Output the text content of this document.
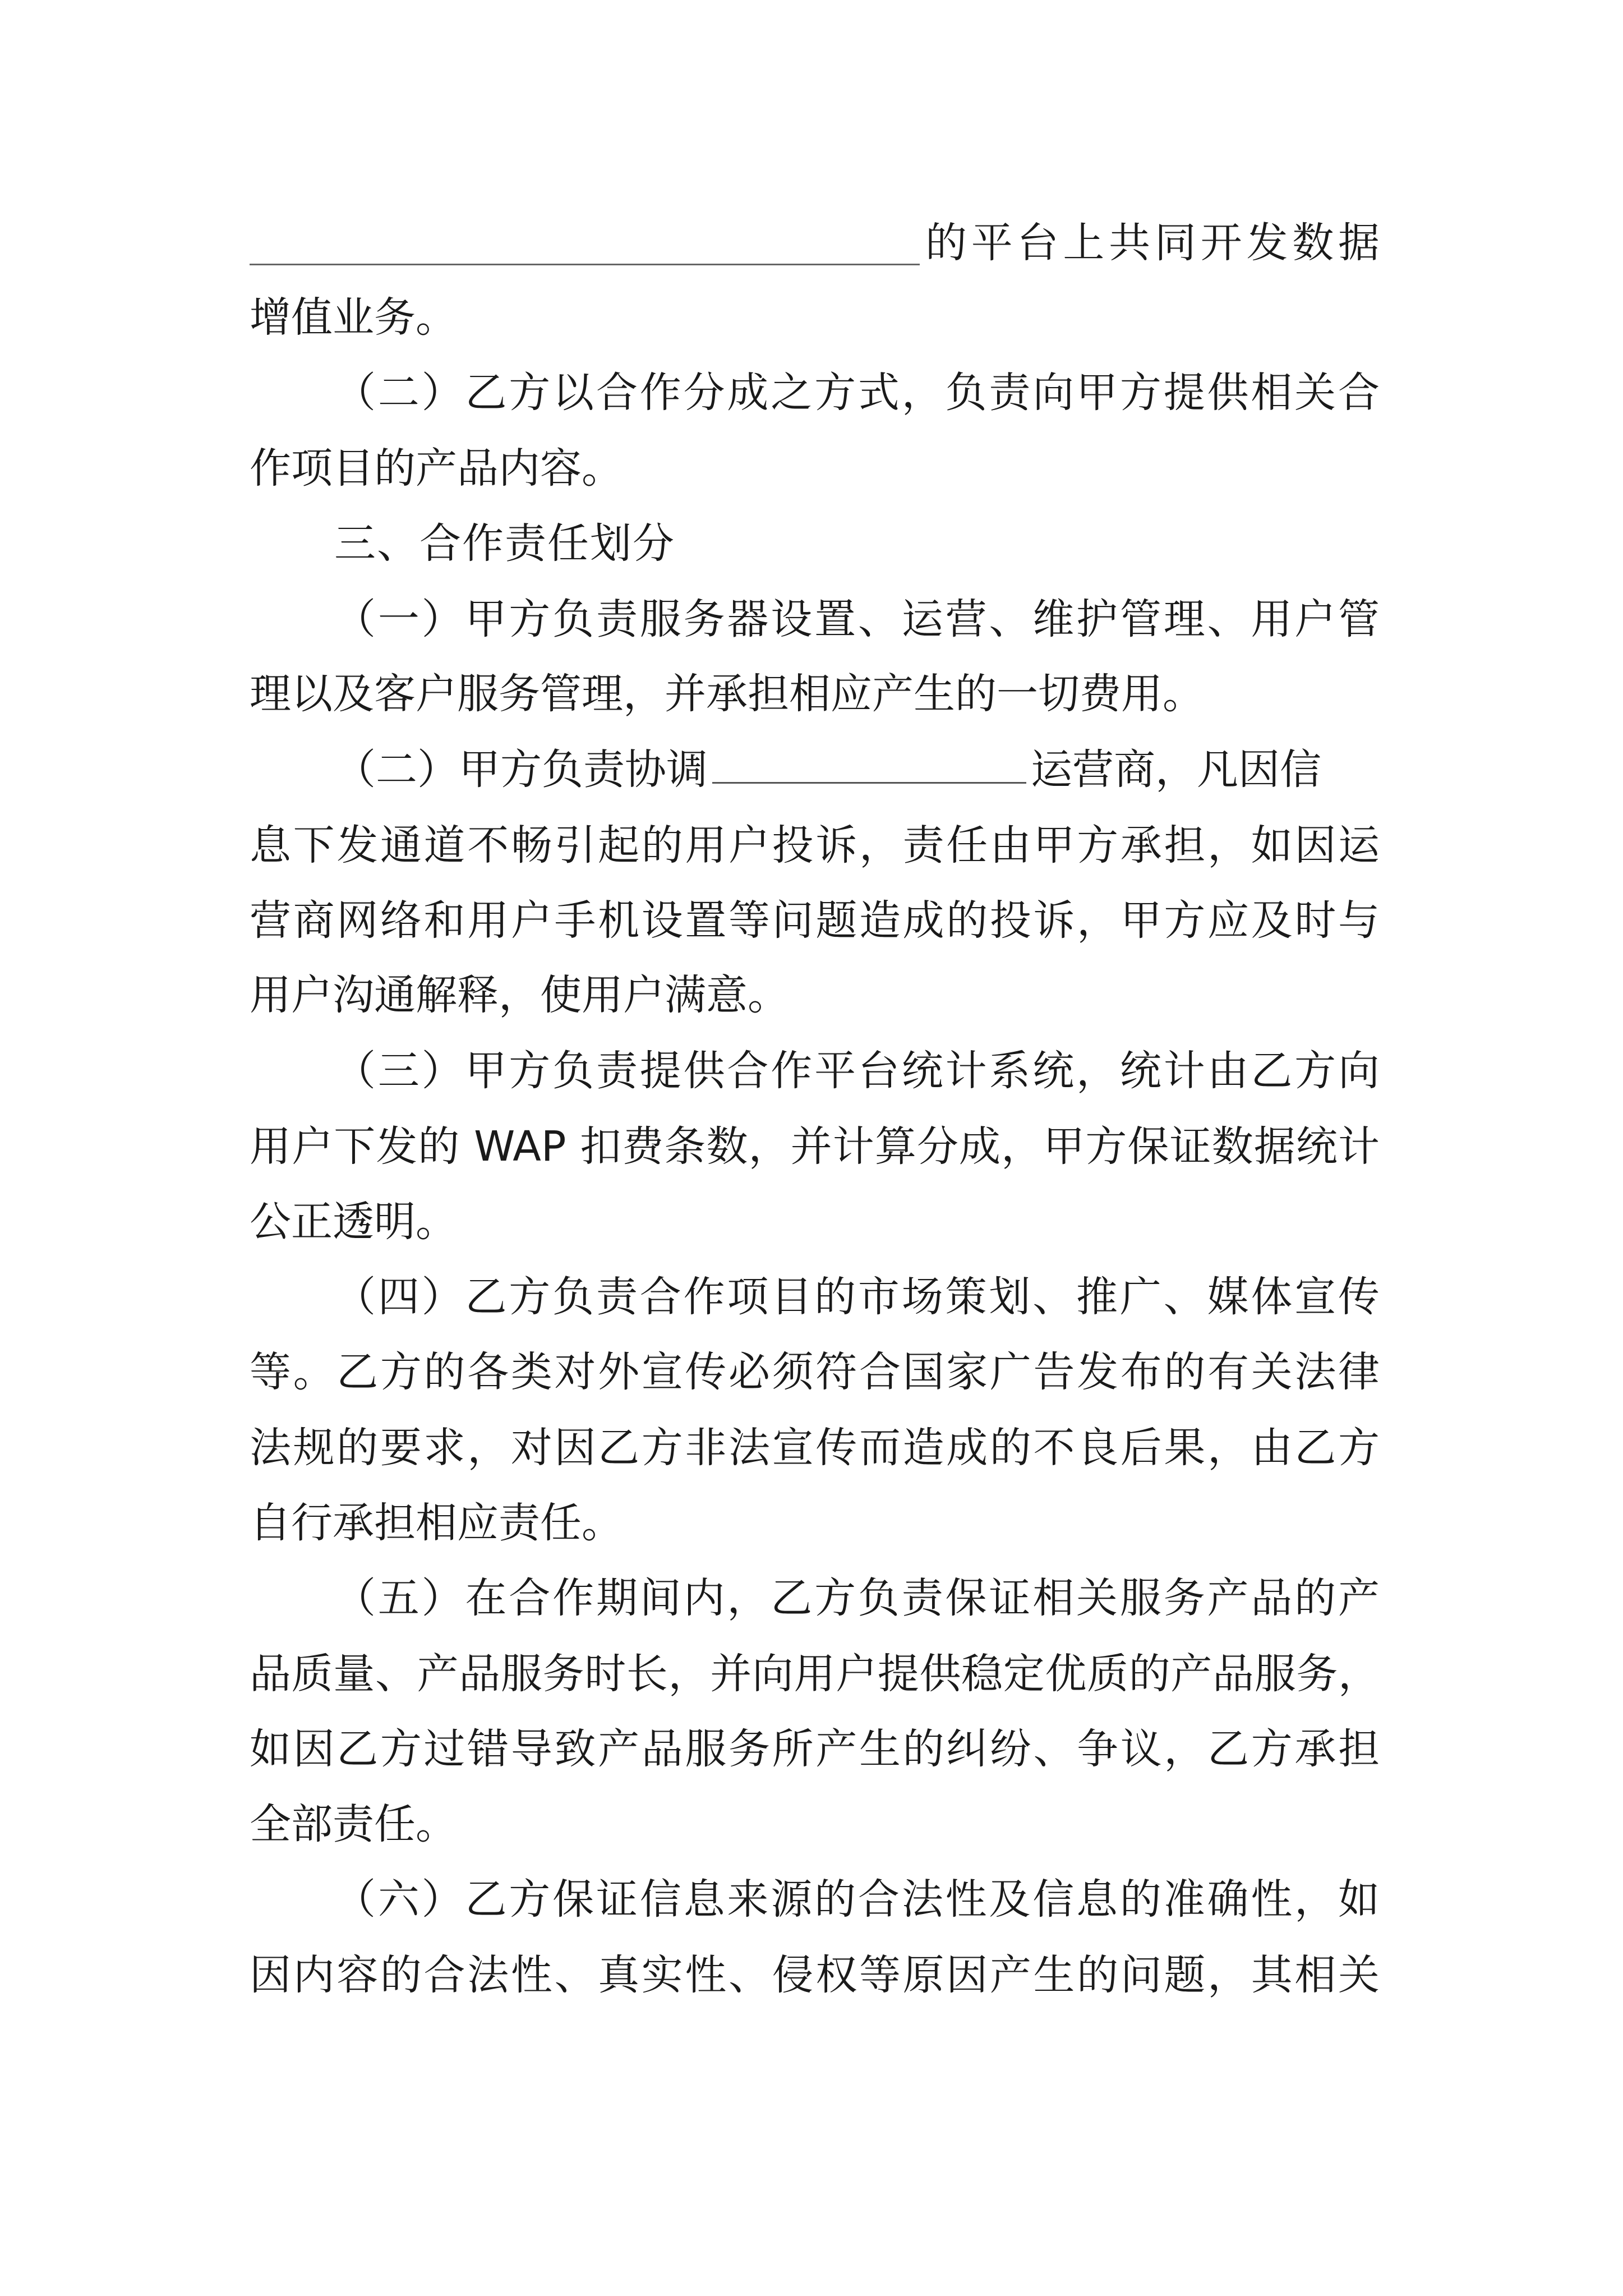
的平台上共同开发数据
增值业务。
（二）乙方以合作分成之方式，负责向甲方提供相关合
作项目的产品内容。
三、合作责任划分
（一）甲方负责服务器设置、运营、维护管理、用户管
理以及客户服务管理，并承担相应产生的一切费用。
（二）甲方负责协调	运营商，凡因信
息下发通道不畅引起的用户投诉，责任由甲方承担，如因运
营商网络和用户手机设置等问题造成的投诉，甲方应及时与
用户沟通解释，使用户满意。
（三）甲方负责提供合作平台统计系统，统计由乙方向
用户下发的 WAP 扣费条数，并计算分成，甲方保证数据统计
公正透明。
（四）乙方负责合作项目的市场策划、推广、媒体宣传
等。乙方的各类对外宣传必须符合国家广告发布的有关法律
法规的要求，对因乙方非法宣传而造成的不良后果，由乙方
自行承担相应责任。
（五）在合作期间内，乙方负责保证相关服务产品的产
品质量、产品服务时长，并向用户提供稳定优质的产品服务，
如因乙方过错导致产品服务所产生的纠纷、争议，乙方承担
全部责任。
（六）乙方保证信息来源的合法性及信息的准确性，如
因内容的合法性、真实性、侵权等原因产生的问题，其相关
